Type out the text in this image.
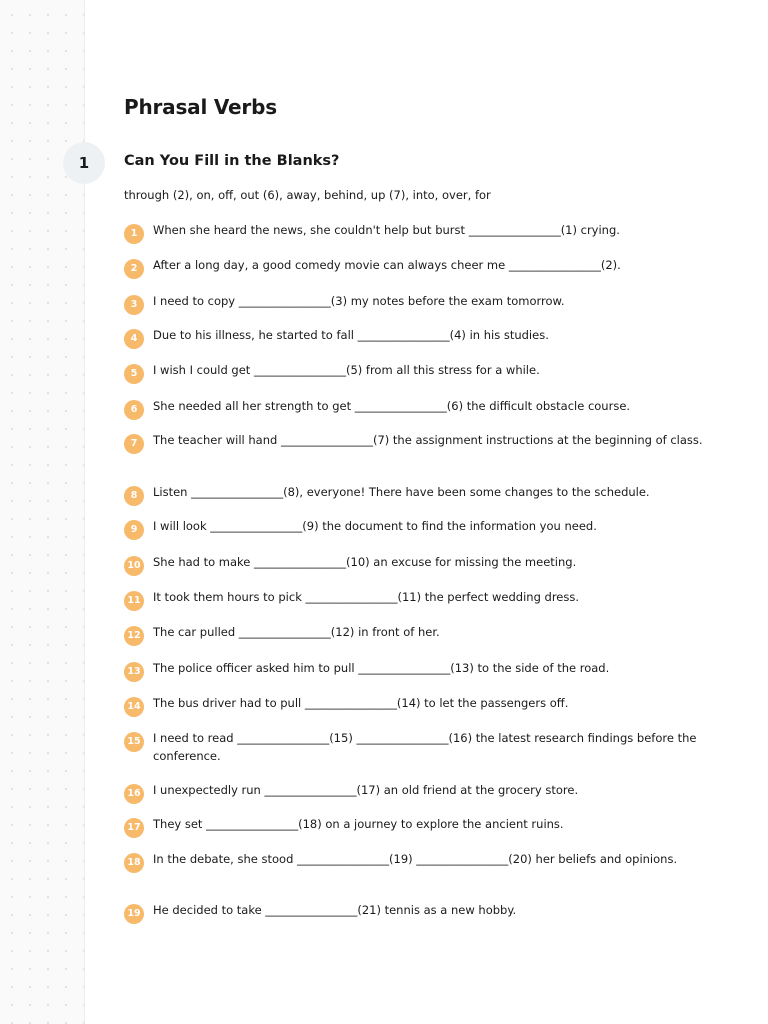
Phrasal Verbs
1	Can You Fill in the Blanks?
through (2), on, off, out (6), away, behind, up (7), into, over, for
1	When she heard the news, she couldn't help but burst ________________(1) crying.
2	After a long day, a good comedy movie can always cheer me ________________(2).
3	I need to copy ________________(3) my notes before the exam tomorrow.
4	Due to his illness, he started to fall ________________(4) in his studies.
5	I wish I could get ________________(5) from all this stress for a while.
6	She needed all her strength to get ________________(6) the difficult obstacle course.
7	The teacher will hand ________________(7) the assignment instructions at the beginning of class.
8	Listen ________________(8), everyone! There have been some changes to the schedule.
9	I will look ________________(9) the document to find the information you need.
10 She had to make ________________(10) an excuse for missing the meeting.
11 It took them hours to pick ________________(11) the perfect wedding dress.
12 The car pulled ________________(12) in front of her.
13 The police officer asked him to pull ________________(13) to the side of the road.
14 The bus driver had to pull ________________(14) to let the passengers off.
15 I need to read ________________(15) ________________(16) the latest research findings before the conference.
16 I unexpectedly run ________________(17) an old friend at the grocery store.
17 They set ________________(18) on a journey to explore the ancient ruins.
18 In the debate, she stood ________________(19) ________________(20) her beliefs and opinions.
19 He decided to take ________________(21) tennis as a new hobby.
